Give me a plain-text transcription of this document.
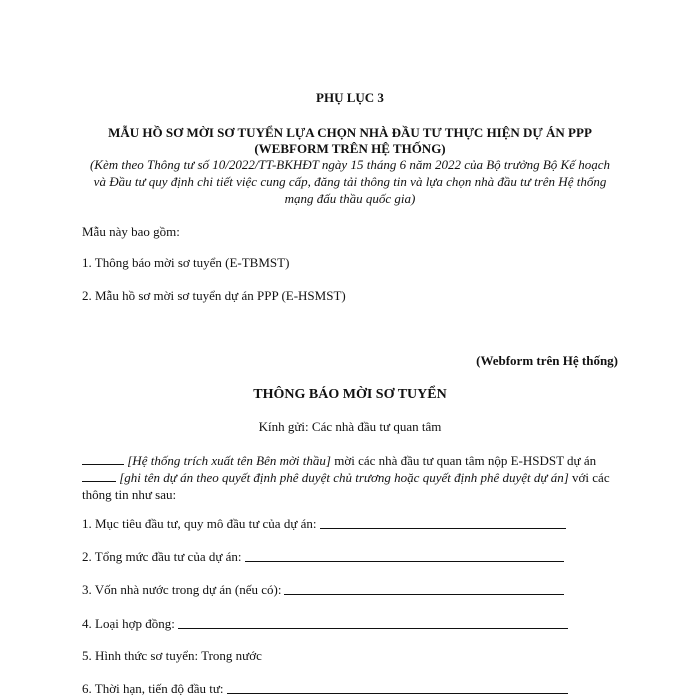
PHỤ LỤC 3
MẪU HỒ SƠ MỜI SƠ TUYỂN LỰA CHỌN NHÀ ĐẦU TƯ THỰC HIỆN DỰ ÁN PPP
(WEBFORM TRÊN HỆ THỐNG)
(Kèm theo Thông tư số 10/2022/TT-BKHĐT ngày 15 tháng 6 năm 2022 của Bộ trưởng Bộ Kế hoạch và Đầu tư quy định chi tiết việc cung cấp, đăng tải thông tin và lựa chọn nhà đầu tư trên Hệ thống mạng đấu thầu quốc gia)
Mẫu này bao gồm:
1. Thông báo mời sơ tuyển (E-TBMST)
2. Mẫu hồ sơ mời sơ tuyển dự án PPP (E-HSMST)
(Webform trên Hệ thống)
THÔNG BÁO MỜI SƠ TUYỂN
Kính gửi: Các nhà đầu tư quan tâm
[Hệ thống trích xuất tên Bên mời thầu] mời các nhà đầu tư quan tâm nộp E-HSDST dự án  [ghi tên dự án theo quyết định phê duyệt chủ trương hoặc quyết định phê duyệt dự án] với các thông tin như sau:
1. Mục tiêu đầu tư, quy mô đầu tư của dự án:
2. Tổng mức đầu tư của dự án:
3. Vốn nhà nước trong dự án (nếu có):
4. Loại hợp đồng:
5. Hình thức sơ tuyển: Trong nước
6. Thời hạn, tiến độ đầu tư:
